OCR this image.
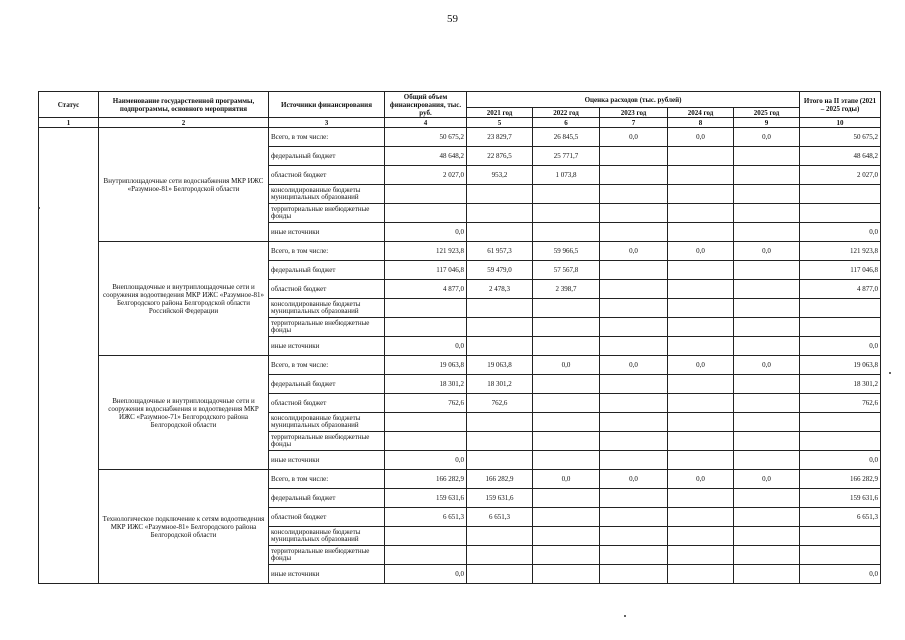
59
Статус	Наименование государственной программы, подпрограммы, основного мероприятия	Источники финансирования	Общий объем финансирования, тыс. руб.	Оценка расходов (тыс. рублей)					Итого на II этапе (2021 – 2025 годы)
				2021 год	2022 год	2023 год	2024 год	2025 год	
1	2	3	4	5	6	7	8	9	10
	Внутриплощадочные сети водоснабжения МКР ИЖС «Разумное-81» Белгородской области	Всего, в том числе:	50 675,2	23 829,7	26 845,5	0,0	0,0	0,0	50 675,2
		федеральный бюджет	48 648,2	22 876,5	25 771,7				48 648,2
		областной бюджет	2 027,0	953,2	1 073,8				2 027,0
		консолидированные бюджеты муниципальных образований							
		территориальные внебюджетные фонды							
		иные источники	0,0						0,0
	Внеплощадочные и внутриплощадочные сети и сооружения водоотведения МКР ИЖС «Разумное-81» Белгородского района Белгородской области Российской Федерации	Всего, в том числе:	121 923,8	61 957,3	59 966,5	0,0	0,0	0,0	121 923,8
		федеральный бюджет	117 046,8	59 479,0	57 567,8				117 046,8
		областной бюджет	4 877,0	2 478,3	2 398,7				4 877,0
		консолидированные бюджеты муниципальных образований							
		территориальные внебюджетные фонды							
		иные источники	0,0						0,0
	Внеплощадочные и внутриплощадочные сети и сооружения водоснабжения и водоотведения МКР ИЖС «Разумное-71» Белгородского района Белгородской области	Всего, в том числе:	19 063,8	19 063,8	0,0	0,0	0,0	0,0	19 063,8
		федеральный бюджет	18 301,2	18 301,2					18 301,2
		областной бюджет	762,6	762,6					762,6
		консолидированные бюджеты муниципальных образований							
		территориальные внебюджетные фонды							
		иные источники	0,0						0,0
	Технологическое подключение к сетям водоотведения МКР ИЖС «Разумное-81» Белгородского района Белгородской области	Всего, в том числе:	166 282,9	166 282,9	0,0	0,0	0,0	0,0	166 282,9
		федеральный бюджет	159 631,6	159 631,6					159 631,6
		областной бюджет	6 651,3	6 651,3					6 651,3
		консолидированные бюджеты муниципальных образований							
		территориальные внебюджетные фонды							
		иные источники	0,0						0,0
